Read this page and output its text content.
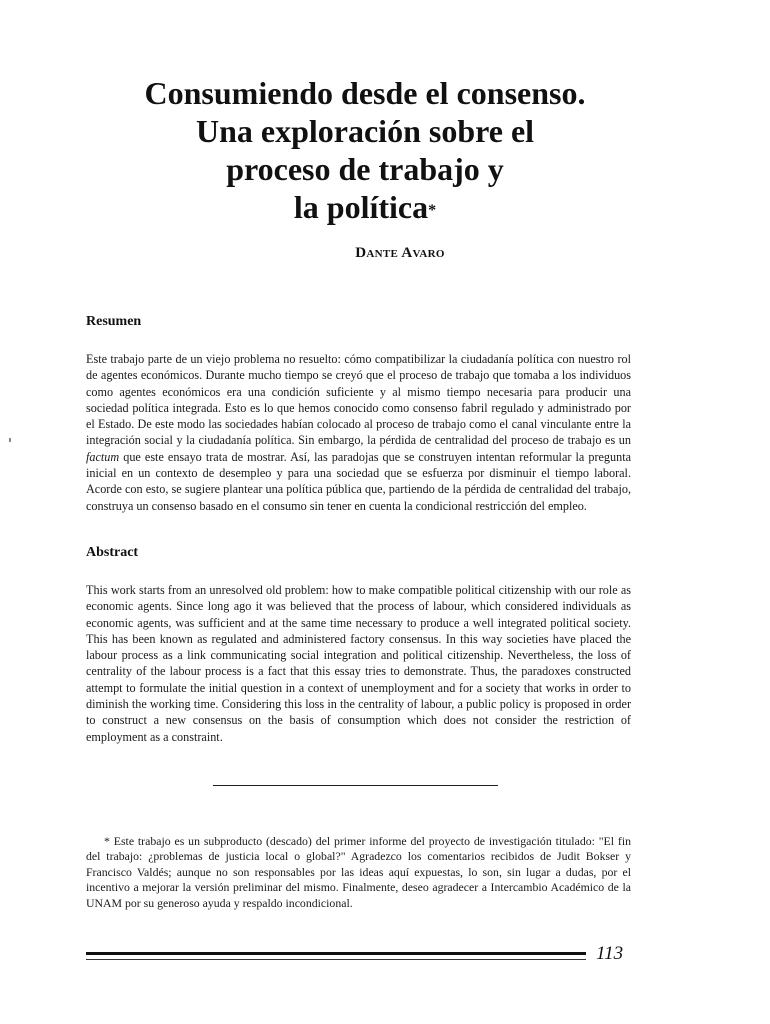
Consumiendo desde el consenso.
Una exploración sobre el
proceso de trabajo y
la política*
Dante Avaro
Resumen
Este trabajo parte de un viejo problema no resuelto: cómo compatibilizar la ciudadanía política con nuestro rol de agentes económicos. Durante mucho tiempo se creyó que el proceso de trabajo que tomaba a los individuos como agentes económicos era una condición suficiente y al mismo tiempo necesaria para producir una sociedad política integrada. Esto es lo que hemos conocido como consenso fabril regulado y administrado por el Estado. De este modo las sociedades habían colocado al proceso de trabajo como el canal vinculante entre la integración social y la ciudadanía política. Sin embargo, la pérdida de centralidad del proceso de trabajo es un factum que este ensayo trata de mostrar. Así, las paradojas que se construyen intentan reformular la pregunta inicial en un contexto de desempleo y para una sociedad que se esfuerza por disminuir el tiempo laboral. Acorde con esto, se sugiere plantear una política pública que, partiendo de la pérdida de centralidad del trabajo, construya un consenso basado en el consumo sin tener en cuenta la condicional restricción del empleo.
Abstract
This work starts from an unresolved old problem: how to make compatible political citizenship with our role as economic agents. Since long ago it was believed that the process of labour, which considered individuals as economic agents, was sufficient and at the same time necessary to produce a well integrated political society. This has been known as regulated and administered factory consensus. In this way societies have placed the labour process as a link communicating social integration and political citizenship. Nevertheless, the loss of centrality of the labour process is a fact that this essay tries to demonstrate. Thus, the paradoxes constructed attempt to formulate the initial question in a context of unemployment and for a society that works in order to diminish the working time. Considering this loss in the centrality of labour, a public policy is proposed in order to construct a new consensus on the basis of consumption which does not consider the restriction of employment as a constraint.
* Este trabajo es un subproducto (descado) del primer informe del proyecto de investigación titulado: "El fin del trabajo: ¿problemas de justicia local o global?" Agradezco los comentarios recibidos de Judit Bokser y Francisco Valdés; aunque no son responsables por las ideas aquí expuestas, lo son, sin lugar a dudas, por el incentivo a mejorar la versión preliminar del mismo. Finalmente, deseo agradecer a Intercambio Académico de la UNAM por su generoso ayuda y respaldo incondicional.
113
